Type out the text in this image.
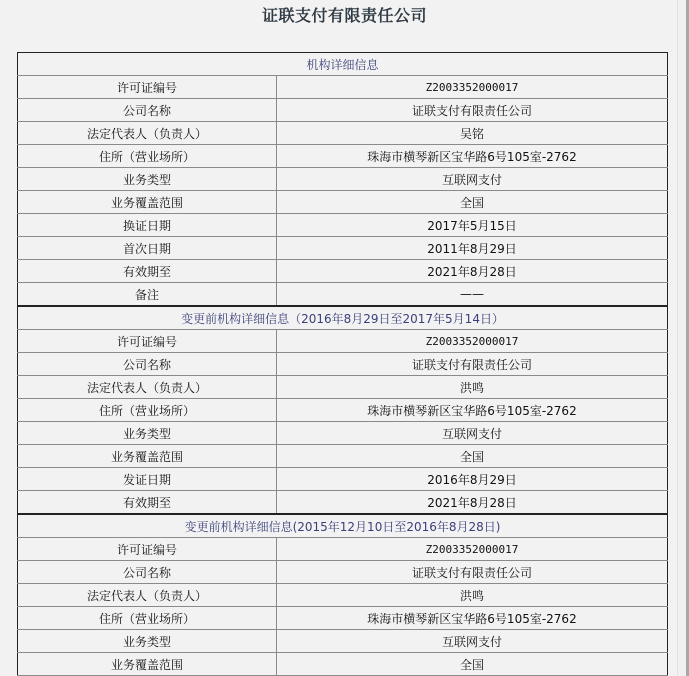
证联支付有限责任公司
机构详细信息	
许可证编号	Z2003352000017
公司名称	证联支付有限责任公司
法定代表人（负责人）	吴铭
住所（营业场所）	珠海市横琴新区宝华路6号105室-2762
业务类型	互联网支付
业务覆盖范围	全国
换证日期	2017年5月15日
首次日期	2011年8月29日
有效期至	2021年8月28日
备注	——
变更前机构详细信息（2016年8月29日至2017年5月14日）	
许可证编号	Z2003352000017
公司名称	证联支付有限责任公司
法定代表人（负责人）	洪鸣
住所（营业场所）	珠海市横琴新区宝华路6号105室-2762
业务类型	互联网支付
业务覆盖范围	全国
发证日期	2016年8月29日
有效期至	2021年8月28日
变更前机构详细信息(2015年12月10日至2016年8月28日)	
许可证编号	Z2003352000017
公司名称	证联支付有限责任公司
法定代表人（负责人）	洪鸣
住所（营业场所）	珠海市横琴新区宝华路6号105室-2762
业务类型	互联网支付
业务覆盖范围	全国
